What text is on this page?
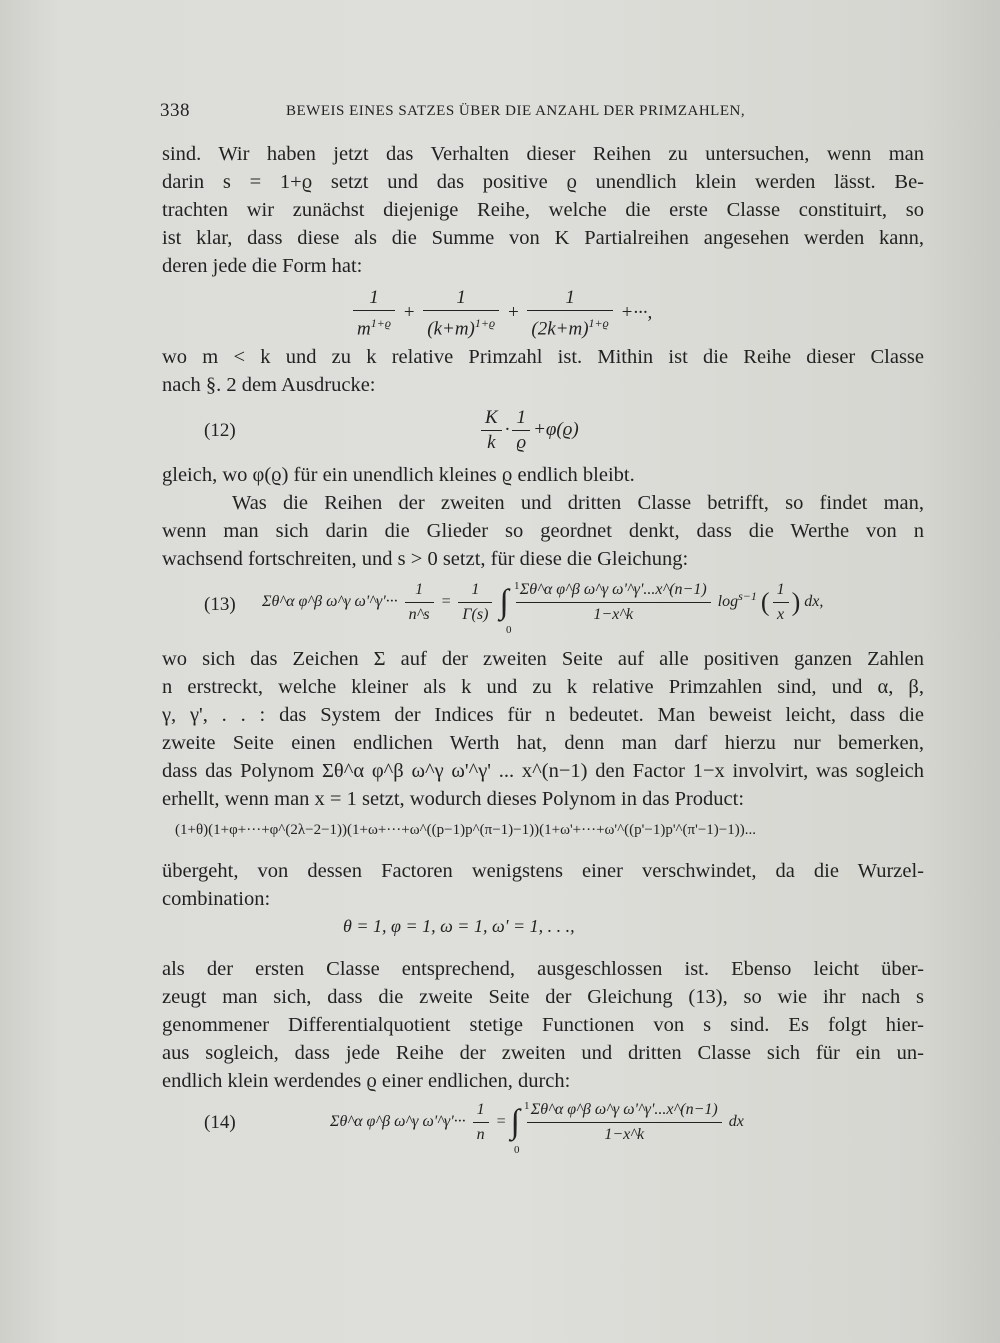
338	BEWEIS EINES SATZES ÜBER DIE ANZAHL DER PRIMZAHLEN,
sind. Wir haben jetzt das Verhalten dieser Reihen zu untersuchen, wenn man
darin s = 1+ϱ setzt und das positive ϱ unendlich klein werden lässt. Be-
trachten wir zunächst diejenige Reihe, welche die erste Classe constituirt, so
ist klar, dass diese als die Summe von K Partialreihen angesehen werden kann,
deren jede die Form hat:
$\frac{1}{m^{1+ϱ}} + \frac{1}{(k+m)^{1+ϱ}} + \frac{1}{(2k+m)^{1+ϱ}}$ +···,
wo m < k und zu k relative Primzahl ist. Mithin ist die Reihe dieser Classe
nach §. 2 dem Ausdrucke:
(12)	$\frac{K}{k} \cdot \frac{1}{ϱ} +\varphi(ϱ)$
gleich, wo φ(ϱ) für ein unendlich kleines ϱ endlich bleibt.
Was die Reihen der zweiten und dritten Classe betrifft, so findet man,
wenn man sich darin die Glieder so geordnet denkt, dass die Werthe von n
wachsend fortschreiten, und s > 0 setzt, für diese die Gleichung:
(13) Σθ^α φ^β ω^γ ω'^γ'··· $\frac{1}{n\^{}s} = \frac{1}{\Gamma(s)}$ ∫ $\frac{\text{Σθ\textasciicircum{}α φ\textasciicircum{}β ω\textasciicircum{}γ ω'\textasciicircum{}γ'...x\textasciicircum{}(n−1)}}{1-x\^{}k} \log^{s-1}$ ( $\frac{1}{x}$ ) dx,
0
1
wo sich das Zeichen Σ auf der zweiten Seite auf alle positiven ganzen Zahlen
n erstreckt, welche kleiner als k und zu k relative Primzahlen sind, und α, β,
γ, γ', . . : das System der Indices für n bedeutet. Man beweist leicht, dass die
zweite Seite einen endlichen Werth hat, denn man darf hierzu nur bemerken,
dass das Polynom Σθ^α φ^β ω^γ ω'^γ' ... x^(n−1) den Factor 1−x involvirt, was sogleich
erhellt, wenn man x = 1 setzt, wodurch dieses Polynom in das Product:
(1+θ)(1+φ+···+φ^(2λ−2−1))(1+ω+···+ω^((p−1)p^(π−1)−1))(1+ω'+···+ω'^((p'−1)p'^(π'−1)−1))...
übergeht, von dessen Factoren wenigstens einer verschwindet, da die Wurzel-
combination:
θ = 1, φ = 1, ω = 1, ω' = 1, . . .,
als der ersten Classe entsprechend, ausgeschlossen ist. Ebenso leicht über-
zeugt man sich, dass die zweite Seite der Gleichung (13), so wie ihr nach s
genommener Differentialquotient stetige Functionen von s sind. Es folgt hier-
aus sogleich, dass jede Reihe der zweiten und dritten Classe sich für ein un-
endlich klein werdendes ϱ einer endlichen, durch:
(14)	Σθ^α φ^β ω^γ ω'^γ'··· $\frac{1}{n}$ = ∫ $\frac{\text{Σθ\textasciicircum{}α φ\textasciicircum{}β ω\textasciicircum{}γ ω'\textasciicircum{}γ'...x\textasciicircum{}(n−1)}}{1-x\^{}k}$ dx
0
1
